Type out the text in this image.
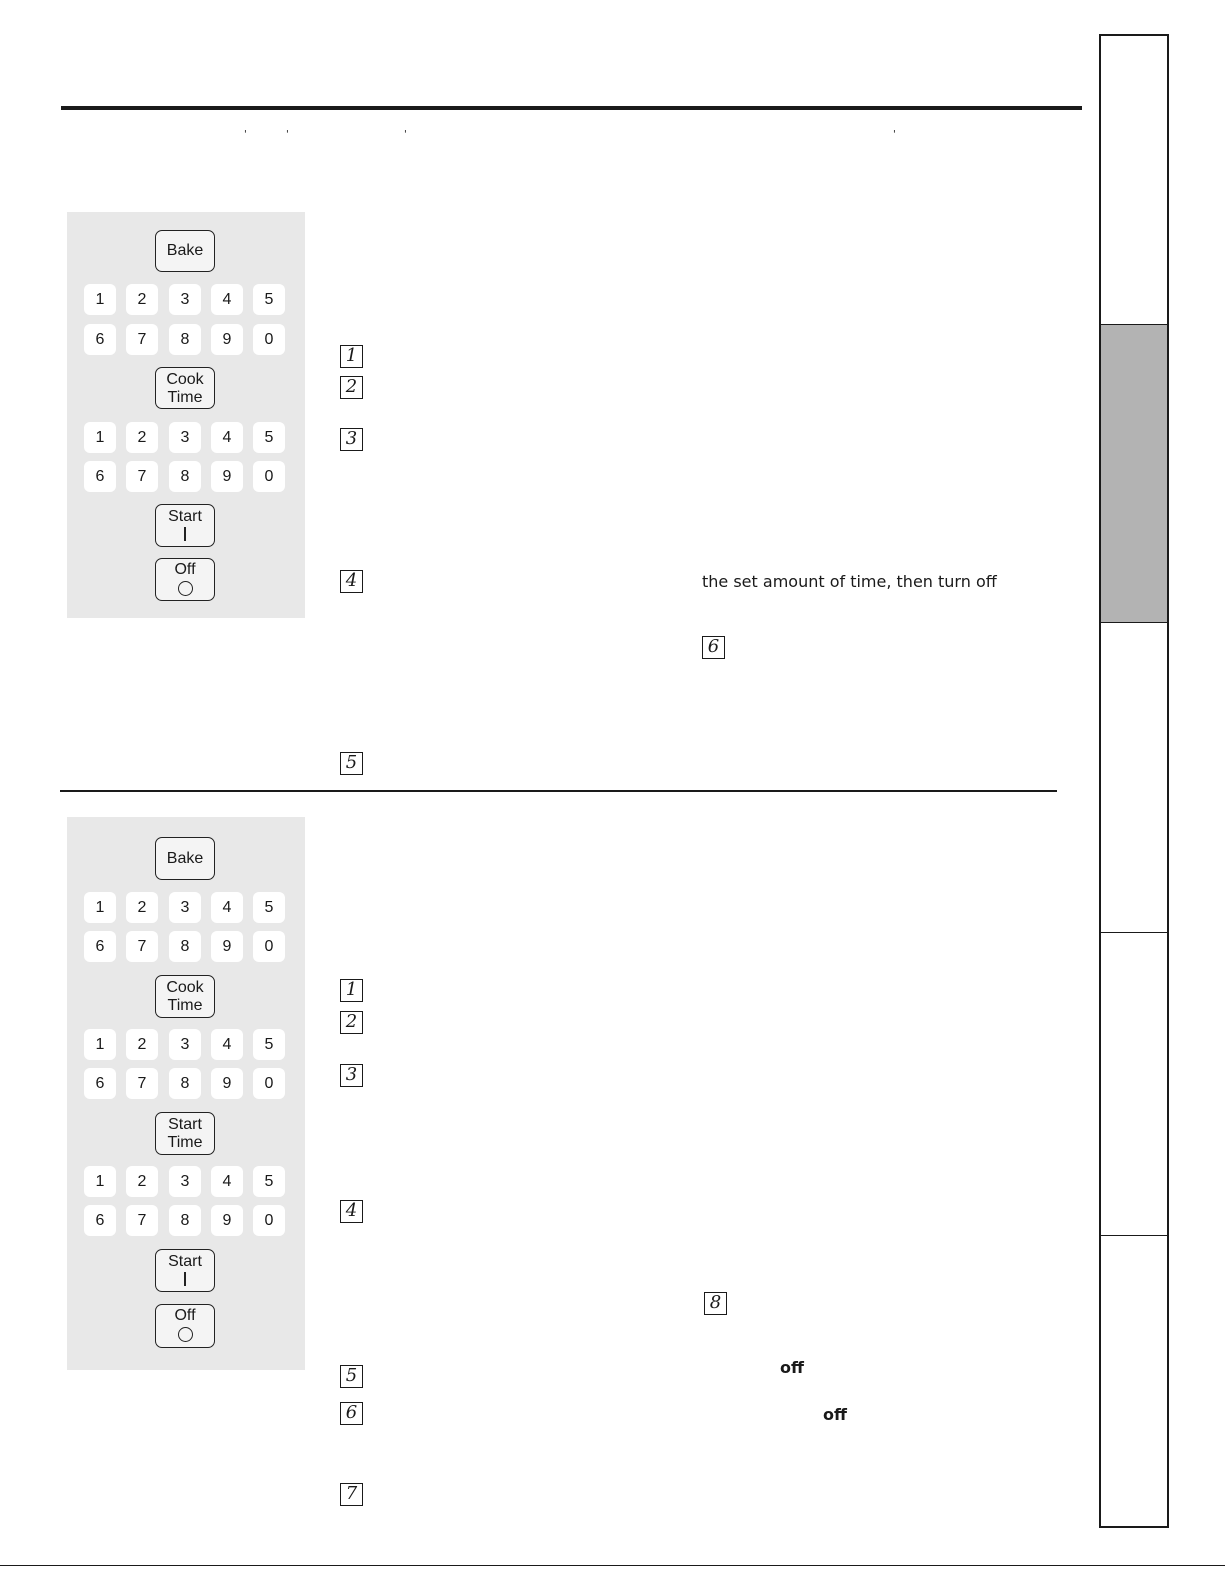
'	'	'	'
Bake
1	2	3	4	5
6	7	8	9	0
Cook
Time
1	2	3	4	5
6	7	8	9	0
Start
Off
1
2
3
4
5
6
the set amount of time, then turn off
Bake
1	2	3	4	5
6	7	8	9	0
Cook
Time
1	2	3	4	5
6	7	8	9	0
Start
Time
1	2	3	4	5
6	7	8	9	0
Start
Off
1
2
3
4
5
6
7
8
off
off
